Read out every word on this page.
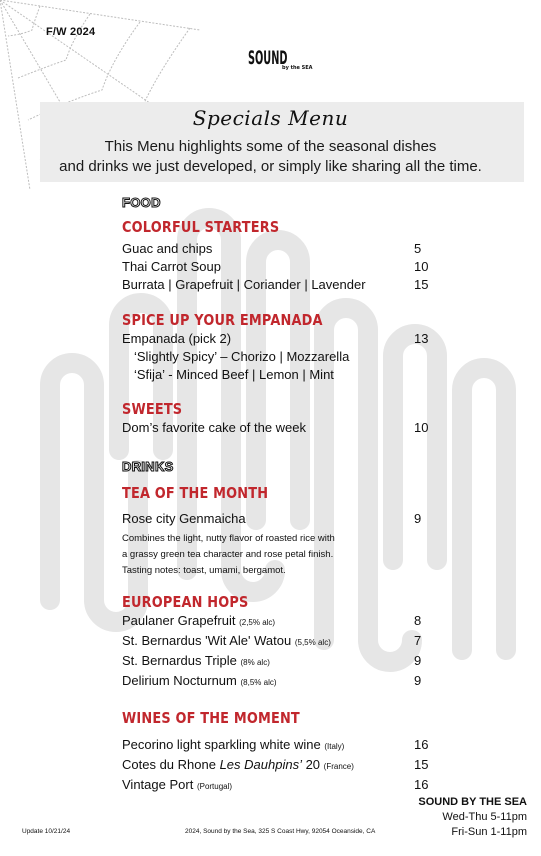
F/W 2024
SOUND
by the SEA
Specials Menu
This Menu highlights some of the seasonal dishes
and drinks we just developed, or simply like sharing all the time.
FOOD
COLORFUL STARTERS
Guac and chips	5
Thai Carrot Soup	10
Burrata | Grapefruit | Coriander | Lavender	15
SPICE UP YOUR EMPANADA
Empanada (pick 2)	13
‘Slightly Spicy’ – Chorizo | Mozzarella
‘Sfija’ - Minced Beef | Lemon | Mint
SWEETS
Dom’s favorite cake of the week	10
DRINKS
TEA OF THE MONTH
Rose city Genmaicha	9
Combines the light, nutty flavor of roasted rice with
a grassy green tea character and rose petal finish.
Tasting notes: toast, umami, bergamot.
EUROPEAN HOPS
Paulaner Grapefruit (2,5% alc)	8
St. Bernardus 'Wit Ale' Watou (5,5% alc)	7
St. Bernardus Triple (8% alc)	9
Delirium Nocturnum (8,5% alc)	9
WINES OF THE MOMENT
Pecorino light sparkling white wine (Italy)	16
Cotes du Rhone Les Dauhpins’ 20 (France)	15
Vintage Port (Portugal)	16
Update 10/21/24	2024, Sound by the Sea, 325 S Coast Hwy, 92054 Oceanside, CA
SOUND BY THE SEA
Wed-Thu 5-11pm
Fri-Sun 1-11pm
